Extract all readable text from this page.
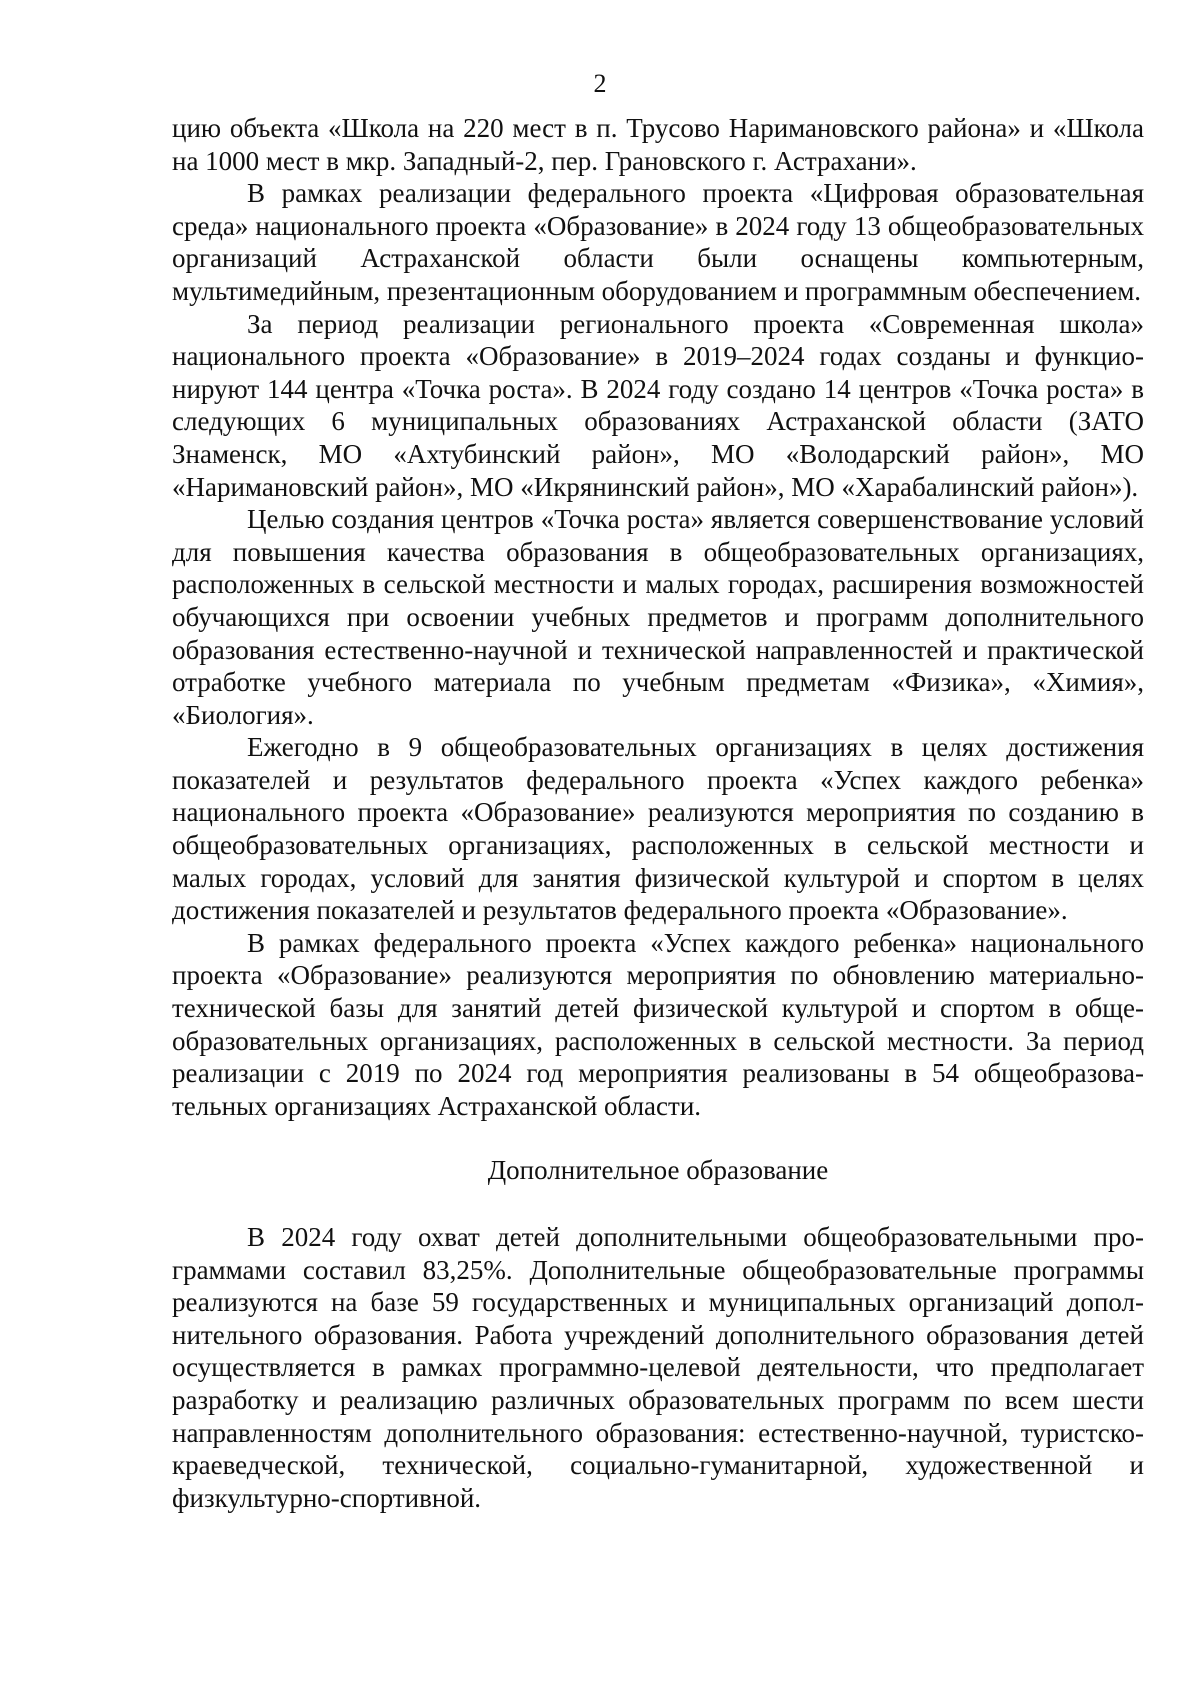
2

цию объекта «Школа на 220 мест в п. Трусово Наримановского района» и «Школа на 1000 мест в мкр. Западный-2, пер. Грановского г. Астрахани».

В рамках реализации федерального проекта «Цифровая образовательная среда» национального проекта «Образование» в 2024 году 13 общеобразовательных организаций Астраханской области были оснащены компьютерным, мультимедийным, презентационным оборудованием и программным обеспечением.

За период реализации регионального проекта «Современная школа» национального проекта «Образование» в 2019–2024 годах созданы и функционируют 144 центра «Точка роста». В 2024 году создано 14 центров «Точка роста» в следующих 6 муниципальных образованиях Астраханской области (ЗАТО Знаменск, МО «Ахтубинский район», МО «Володарский район», МО «Наримановский район», МО «Икрянинский район», МО «Харабалинский район»).

Целью создания центров «Точка роста» является совершенствование условий для повышения качества образования в общеобразовательных организациях, расположенных в сельской местности и малых городах, расширения возможностей обучающихся при освоении учебных предметов и программ дополнительного образования естественно-научной и технической направленностей и практической отработке учебного материала по учебным предметам «Физика», «Химия», «Биология».

Ежегодно в 9 общеобразовательных организациях в целях достижения показателей и результатов федерального проекта «Успех каждого ребенка» национального проекта «Образование» реализуются мероприятия по созданию в общеобразовательных организациях, расположенных в сельской местности и малых городах, условий для занятия физической культурой и спортом в целях достижения показателей и результатов федерального проекта «Образование».

В рамках федерального проекта «Успех каждого ребенка» национального проекта «Образование» реализуются мероприятия по обновлению материально-технической базы для занятий детей физической культурой и спортом в общеобразовательных организациях, расположенных в сельской местности. За период реализации с 2019 по 2024 год мероприятия реализованы в 54 общеобразовательных организациях Астраханской области.

Дополнительное образование

В 2024 году охват детей дополнительными общеобразовательными программами составил 83,25%. Дополнительные общеобразовательные программы реализуются на базе 59 государственных и муниципальных организаций дополнительного образования. Работа учреждений дополнительного образования детей осуществляется в рамках программно-целевой деятельности, что предполагает разработку и реализацию различных образовательных программ по всем шести направленностям дополнительного образования: естественно-научной, туристско-краеведческой, технической, социально-гуманитарной, художественной и физкультурно-спортивной.
